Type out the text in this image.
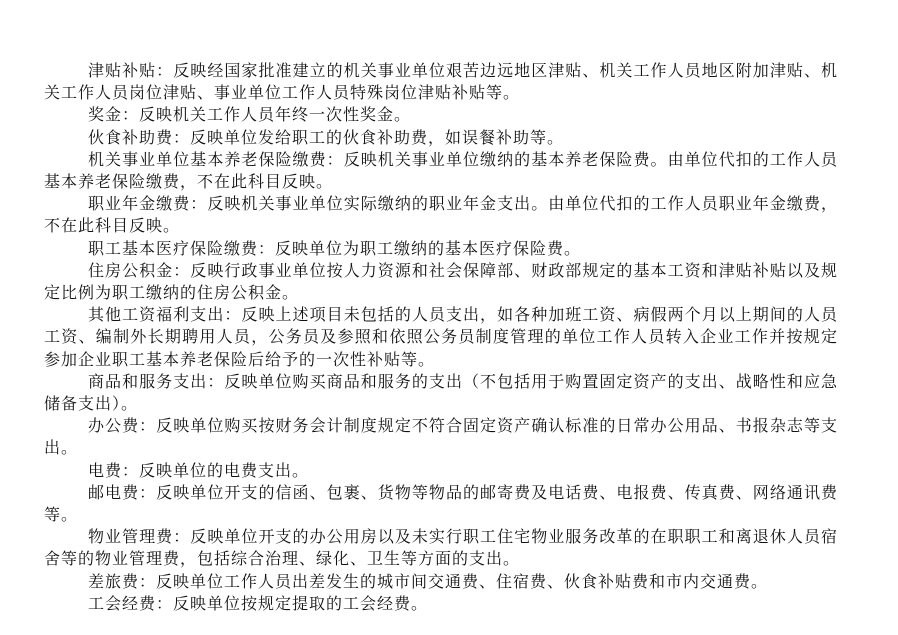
津贴补贴：反映经国家批准建立的机关事业单位艰苦边远地区津贴、机关工作人员地区附加津贴、机关工作人员岗位津贴、事业单位工作人员特殊岗位津贴补贴等。

奖金：反映机关工作人员年终一次性奖金。

伙食补助费：反映单位发给职工的伙食补助费，如误餐补助等。

机关事业单位基本养老保险缴费：反映机关事业单位缴纳的基本养老保险费。由单位代扣的工作人员基本养老保险缴费，不在此科目反映。

职业年金缴费：反映机关事业单位实际缴纳的职业年金支出。由单位代扣的工作人员职业年金缴费，不在此科目反映。

职工基本医疗保险缴费：反映单位为职工缴纳的基本医疗保险费。

住房公积金：反映行政事业单位按人力资源和社会保障部、财政部规定的基本工资和津贴补贴以及规定比例为职工缴纳的住房公积金。

其他工资福利支出：反映上述项目未包括的人员支出，如各种加班工资、病假两个月以上期间的人员工资、编制外长期聘用人员，公务员及参照和依照公务员制度管理的单位工作人员转入企业工作并按规定参加企业职工基本养老保险后给予的一次性补贴等。

商品和服务支出：反映单位购买商品和服务的支出（不包括用于购置固定资产的支出、战略性和应急储备支出）。

办公费：反映单位购买按财务会计制度规定不符合固定资产确认标准的日常办公用品、书报杂志等支出。

电费：反映单位的电费支出。

邮电费：反映单位开支的信函、包裹、货物等物品的邮寄费及电话费、电报费、传真费、网络通讯费等。

物业管理费：反映单位开支的办公用房以及未实行职工住宅物业服务改革的在职职工和离退休人员宿舍等的物业管理费，包括综合治理、绿化、卫生等方面的支出。

差旅费：反映单位工作人员出差发生的城市间交通费、住宿费、伙食补贴费和市内交通费。

工会经费：反映单位按规定提取的工会经费。
